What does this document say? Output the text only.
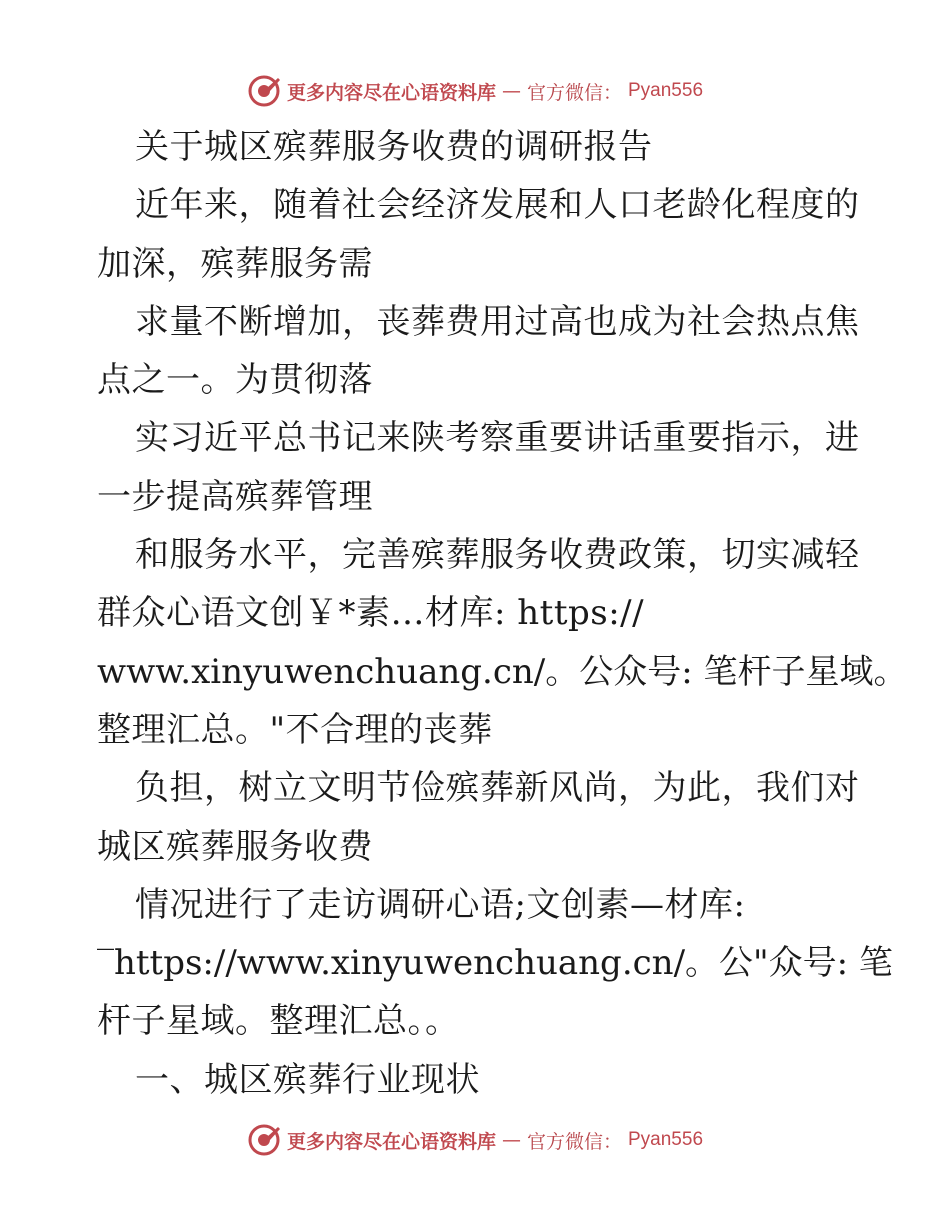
更多内容尽在心语资料库 — 官方微信： Pyan556
关于城区殡葬服务收费的调研报告
近年来，随着社会经济发展和人口老龄化程度的
加深，殡葬服务需
求量不断增加，丧葬费用过高也成为社会热点焦
点之一。为贯彻落
实习近平总书记来陕考察重要讲话重要指示，进
一步提高殡葬管理
和服务水平，完善殡葬服务收费政策，切实减轻
群众心语文创￥*素…材库: https://
www.xinyuwenchuang.cn/。公众号: 笔杆子星域。
整理汇总。"不合理的丧葬
负担，树立文明节俭殡葬新风尚，为此，我们对
城区殡葬服务收费
情况进行了走访调研心语;文创素—材库:
‾https://www.xinyuwenchuang.cn/。公"众号: 笔
杆子星域。整理汇总。。
一、城区殡葬行业现状
更多内容尽在心语资料库 — 官方微信： Pyan556
